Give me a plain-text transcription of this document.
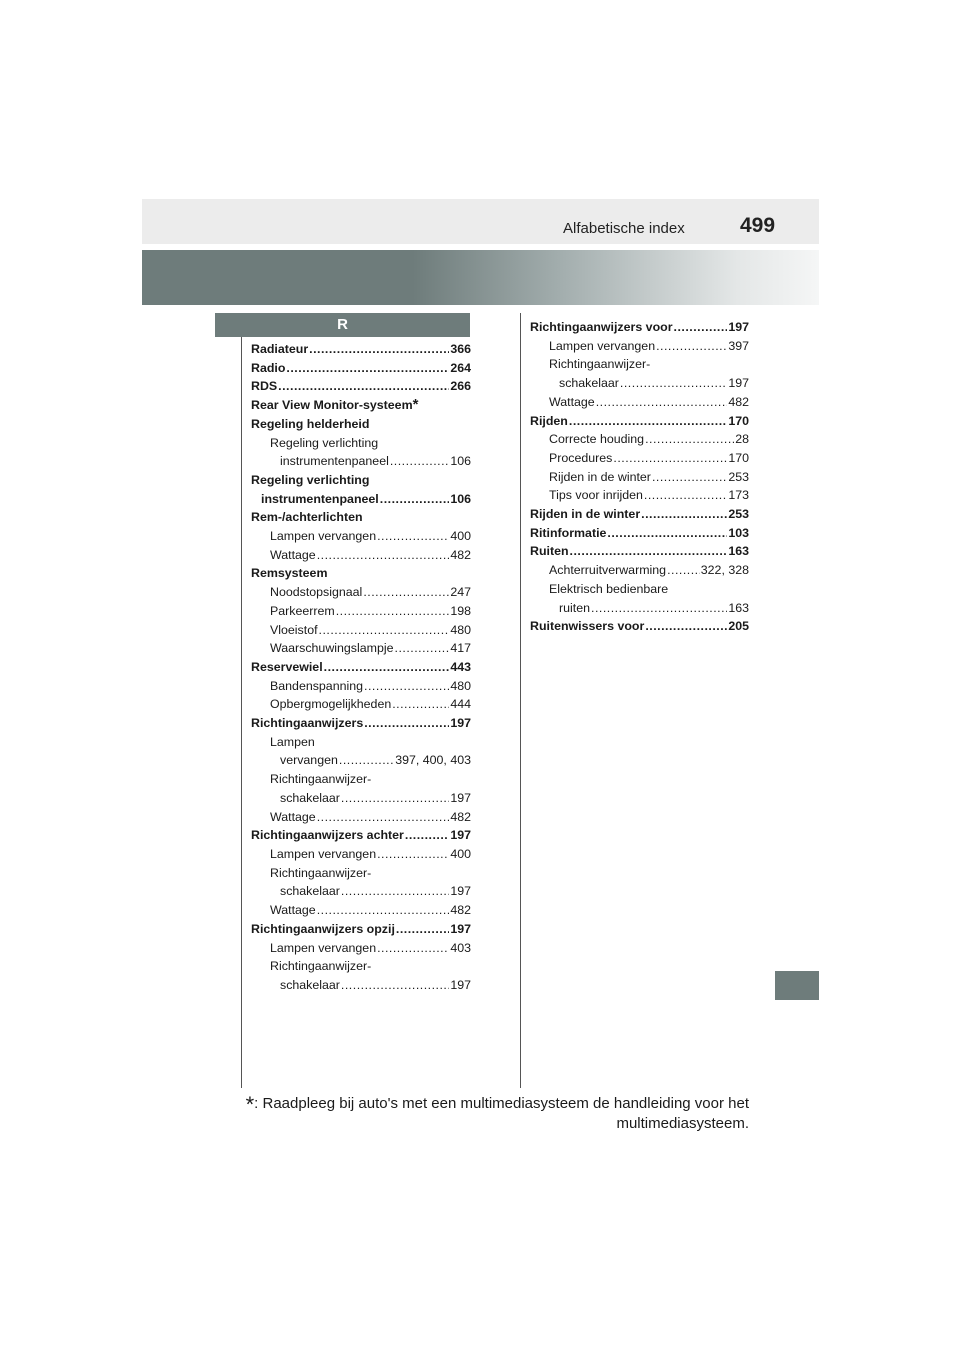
Alfabetische index	499
R
Radiateur .....	366
Radio .....	264
RDS .....	266
Rear View Monitor-systeem *
Regeling helderheid
Regeling verlichting
instrumentenpaneel .....	106
Regeling verlichting
instrumentenpaneel .....	106
Rem-/achterlichten
Lampen vervangen .....	400
Wattage .....	482
Remsysteem
Noodstopsignaal .....	247
Parkeerrem .....	198
Vloeistof .....	480
Waarschuwingslampje .....	417
Reservewiel .....	443
Bandenspanning .....	480
Opbergmogelijkheden .....	444
Richtingaanwijzers .....	197
Lampen
vervangen .....	397, 400, 403
Richtingaanwijzer-
schakelaar .....	197
Wattage .....	482
Richtingaanwijzers achter .....	197
Lampen vervangen .....	400
Richtingaanwijzer-
schakelaar .....	197
Wattage .....	482
Richtingaanwijzers opzij .....	197
Lampen vervangen .....	403
Richtingaanwijzer-
schakelaar .....	197
Richtingaanwijzers voor .....	197
Lampen vervangen .....	397
Richtingaanwijzer-
schakelaar .....	197
Wattage .....	482
Rijden .....	170
Correcte houding .....	28
Procedures .....	170
Rijden in de winter .....	253
Tips voor inrijden .....	173
Rijden in de winter .....	253
Ritinformatie .....	103
Ruiten .....	163
Achterruitverwarming .....	322, 328
Elektrisch bedienbare
ruiten .....	163
Ruitenwissers voor .....	205
*: Raadpleeg bij auto's met een multimediasysteem de handleiding voor het multimediasysteem.
